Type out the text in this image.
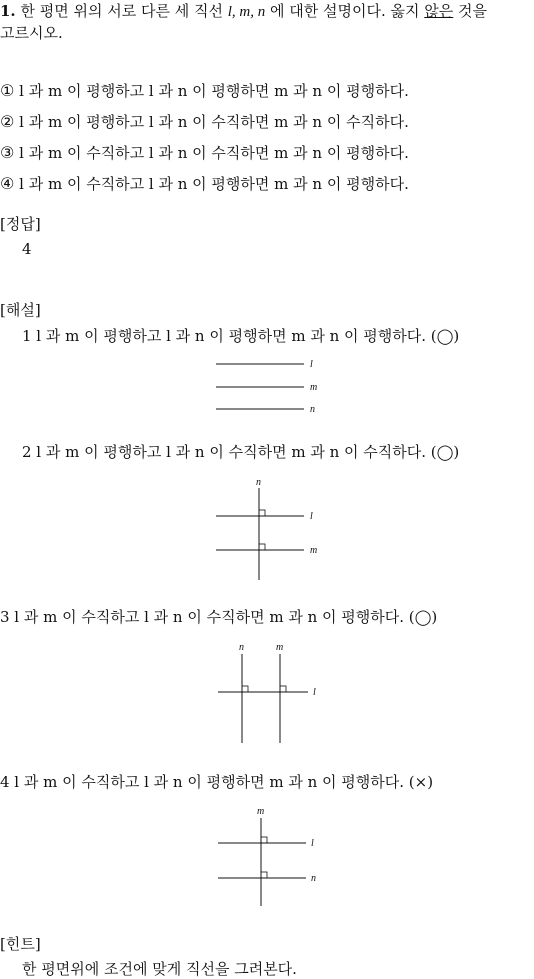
1. 한 평면 위의 서로 다른 세 직선 l, m, n 에 대한 설명이다. 옳지 않은 것을
고르시오.
① l 과 m 이 평행하고 l 과 n 이 평행하면 m 과 n 이 평행하다.
② l 과 m 이 평행하고 l 과 n 이 수직하면 m 과 n 이 수직하다.
③ l 과 m 이 수직하고 l 과 n 이 수직하면 m 과 n 이 평행하다.
④ l 과 m 이 수직하고 l 과 n 이 평행하면 m 과 n 이 평행하다.
[정답]
4
[해설]
1 l 과 m 이 평행하고 l 과 n 이 평행하면 m 과 n 이 평행하다. (◯)
l
m
n
2 l 과 m 이 평행하고 l 과 n 이 수직하면 m 과 n 이 수직하다. (◯)
n
l
m
3 l 과 m 이 수직하고 l 과 n 이 수직하면 m 과 n 이 평행하다. (◯)
n	m
l
4 l 과 m 이 수직하고 l 과 n 이 평행하면 m 과 n 이 평행하다. (×)
m
l
n
[힌트]
한 평면위에 조건에 맞게 직선을 그려본다.
